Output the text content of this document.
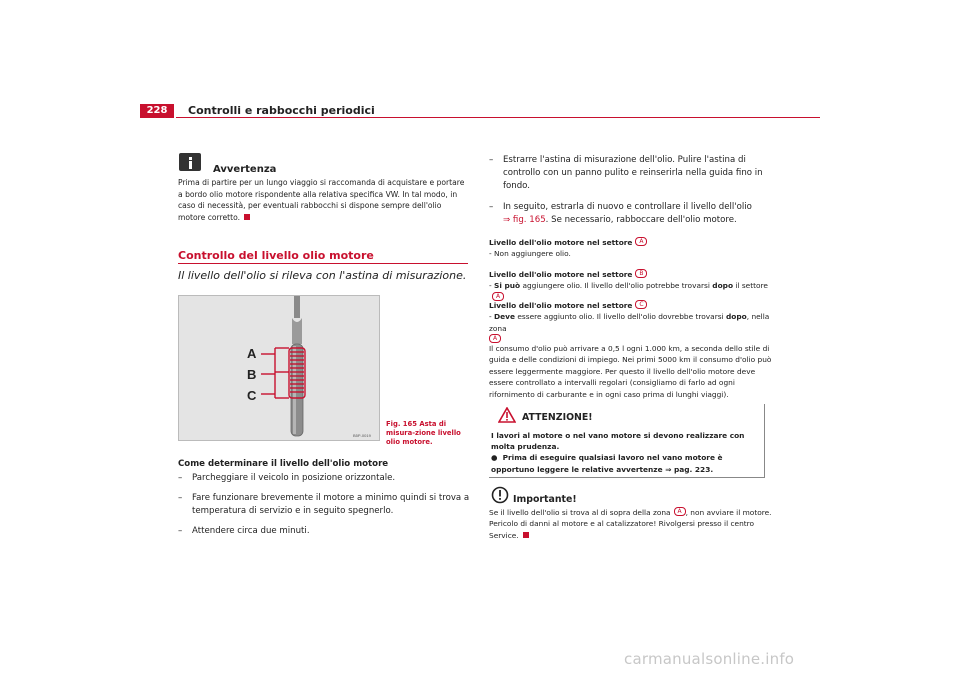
228	Controlli e rabbocchi periodici
Avvertenza
Prima di partire per un lungo viaggio si raccomanda di acquistare e portare a bordo olio motore rispondente alla relativa specifica VW. In tal modo, in caso di necessità, per eventuali rabbocchi si dispone sempre dell'olio motore corretto.
Controllo del livello olio motore
Il livello dell'olio si rileva con l'astina di misurazione.
A
B
C
B5P-0019
Fig. 165 Asta di misura-zione livello olio motore.
Come determinare il livello dell'olio motore
– Parcheggiare il veicolo in posizione orizzontale.
– Fare funzionare brevemente il motore a minimo quindi si trova a temperatura di servizio e in seguito spegnerlo.
– Attendere circa due minuti.
– Estrarre l'astina di misurazione dell'olio. Pulire l'astina di controllo con un panno pulito e reinserirla nella guida fino in fondo.
– In seguito, estrarla di nuovo e controllare il livello dell'olio
⇒ fig. 165. Se necessario, rabboccare dell'olio motore.
Livello dell'olio motore nel settore A
- Non aggiungere olio.
Livello dell'olio motore nel settore B
- Si può aggiungere olio. Il livello dell'olio potrebbe trovarsi dopo il settoreA
Livello dell'olio motore nel settore C
- Deve essere aggiunto olio. Il livello dell'olio dovrebbe trovarsi dopo, nella zona
A
Il consumo d'olio può arrivare a 0,5 l ogni 1.000 km, a seconda dello stile di guida e delle condizioni di impiego. Nei primi 5000 km il consumo d'olio può essere leggermente maggiore. Per questo il livello dell'olio motore deve essere controllato a intervalli regolari (consigliamo di farlo ad ogni rifornimento di carburante e in ogni caso prima di lunghi viaggi).
ATTENZIONE!
I lavori al motore o nel vano motore si devono realizzare con molta prudenza.
●  Prima di eseguire qualsiasi lavoro nel vano motore è opportuno leggere le relative avvertenze ⇒ pag. 223.
Importante!
Se il livello dell'olio si trova al di sopra della zona A , non avviare il motore. Pericolo di danni al motore e al catalizzatore! Rivolgersi presso il centro Service.
carmanualsonline.info
